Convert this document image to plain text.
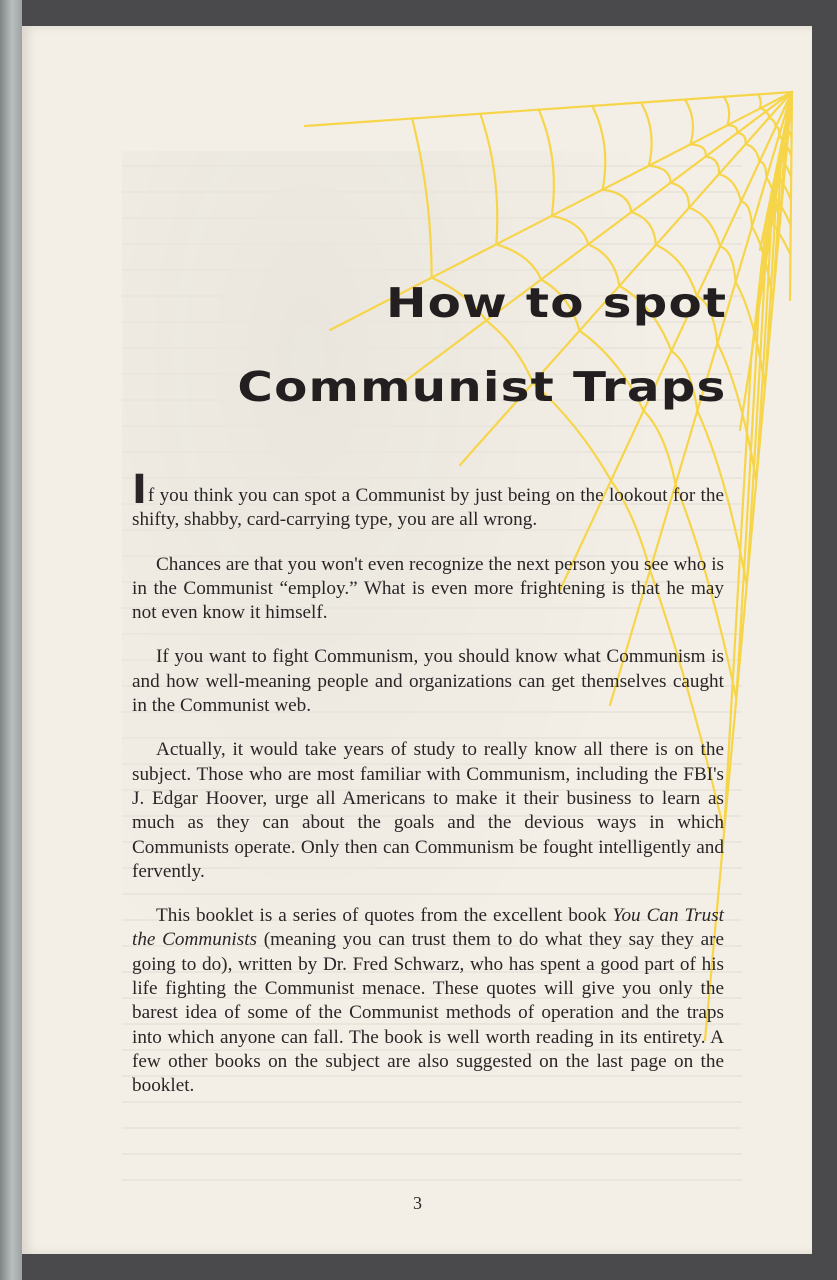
How to spot
Communist Traps

If you think you can spot a Communist by just being on the lookout for the shifty, shabby, card-carrying type, you are all wrong.

Chances are that you won't even recognize the next person you see who is in the Communist “employ.” What is even more frightening is that he may not even know it himself.

If you want to fight Communism, you should know what Communism is and how well-meaning people and organizations can get themselves caught in the Communist web.

Actually, it would take years of study to really know all there is on the subject. Those who are most familiar with Communism, including the FBI's J. Edgar Hoover, urge all Americans to make it their business to learn as much as they can about the goals and the devious ways in which Communists operate. Only then can Communism be fought intelligently and fervently.

This booklet is a series of quotes from the excellent book You Can Trust the Communists (meaning you can trust them to do what they say they are going to do), written by Dr. Fred Schwarz, who has spent a good part of his life fighting the Communist menace. These quotes will give you only the barest idea of some of the Communist methods of operation and the traps into which anyone can fall. The book is well worth reading in its entirety. A few other books on the subject are also suggested on the last page on the booklet.

3
